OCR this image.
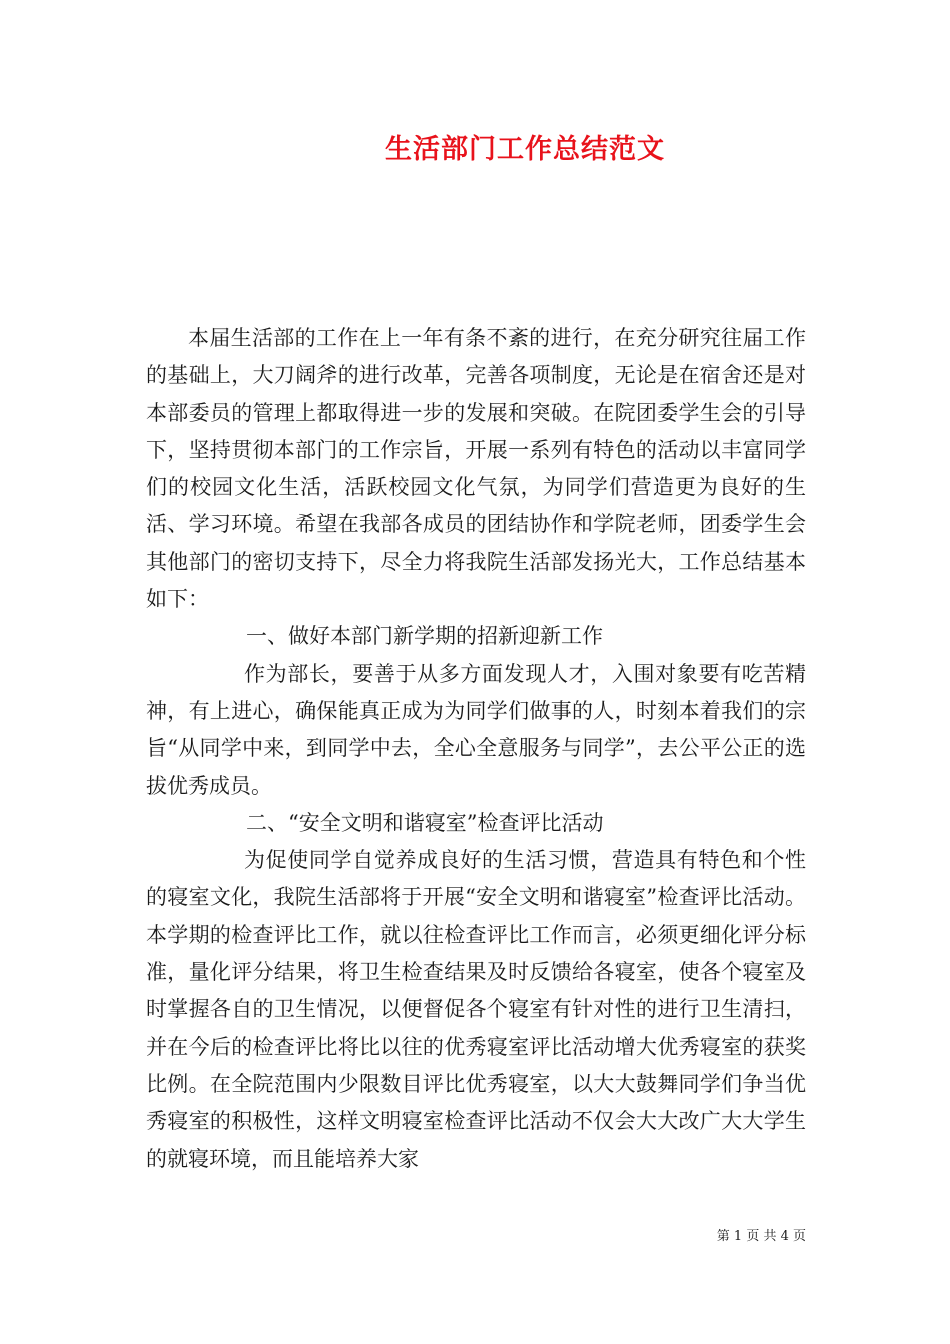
生活部门工作总结范文

本届生活部的工作在上一年有条不紊的进行，在充分研究往届工作的基础上，大刀阔斧的进行改革，完善各项制度，无论是在宿舍还是对本部委员的管理上都取得进一步的发展和突破。在院团委学生会的引导下，坚持贯彻本部门的工作宗旨，开展一系列有特色的活动以丰富同学们的校园文化生活，活跃校园文化气氛，为同学们营造更为良好的生活、学习环境。希望在我部各成员的团结协作和学院老师，团委学生会其他部门的密切支持下，尽全力将我院生活部发扬光大，工作总结基本如下：

一、做好本部门新学期的招新迎新工作

作为部长，要善于从多方面发现人才，入围对象要有吃苦精神，有上进心，确保能真正成为为同学们做事的人，时刻本着我们的宗旨“从同学中来，到同学中去，全心全意服务与同学”，去公平公正的选拔优秀成员。

二、“安全文明和谐寝室”检查评比活动

为促使同学自觉养成良好的生活习惯，营造具有特色和个性的寝室文化，我院生活部将于开展“安全文明和谐寝室”检查评比活动。本学期的检查评比工作，就以往检查评比工作而言，必须更细化评分标准，量化评分结果，将卫生检查结果及时反馈给各寝室，使各个寝室及时掌握各自的卫生情况，以便督促各个寝室有针对性的进行卫生清扫，并在今后的检查评比将比以往的优秀寝室评比活动增大优秀寝室的获奖比例。在全院范围内少限数目评比优秀寝室，以大大鼓舞同学们争当优秀寝室的积极性，这样文明寝室检查评比活动不仅会大大改广大大学生的就寝环境，而且能培养大家

第 1 页 共 4 页
